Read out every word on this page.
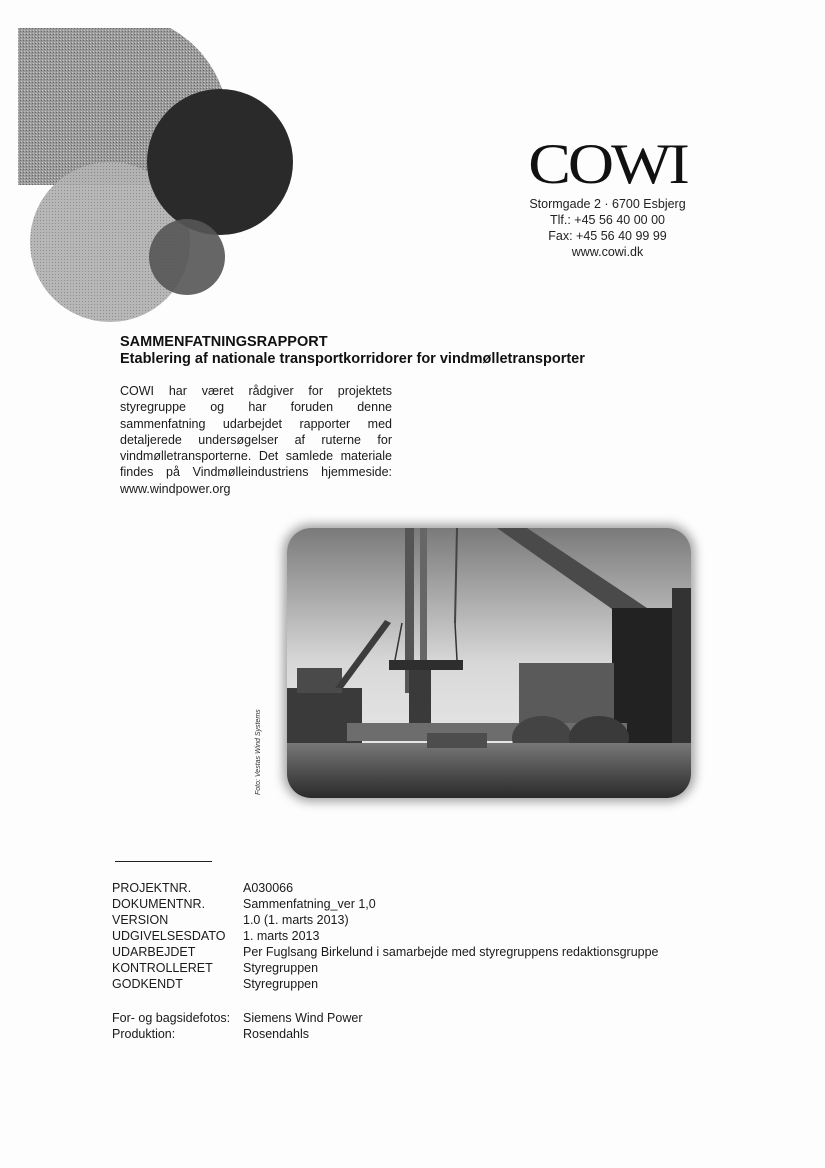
COWI
Stormgade 2 · 6700 Esbjerg
Tlf.: +45 56 40 00 00
Fax: +45 56 40 99 99
www.cowi.dk
SAMMENFATNINGSRAPPORT
Etablering af nationale transportkorridorer for vindmølletransporter
COWI har været rådgiver for projektets styregruppe og har foruden denne sammenfatning udarbejdet rapporter med detaljerede undersøgelser af ruterne for vindmølletransporterne. Det samlede materiale findes på Vindmølleindustriens hjemmeside: www.windpower.org
Foto: Vestas Wind Systems
PROJEKTNR.	A030066
DOKUMENTNR.	Sammenfatning_ver 1,0
VERSION	1.0 (1. marts 2013)
UDGIVELSESDATO	1. marts 2013
UDARBEJDET	Per Fuglsang Birkelund i samarbejde med styregruppens redaktionsgruppe
KONTROLLERET	Styregruppen
GODKENDT	Styregruppen
For- og bagsidefotos:	Siemens Wind Power
Produktion:	Rosendahls
